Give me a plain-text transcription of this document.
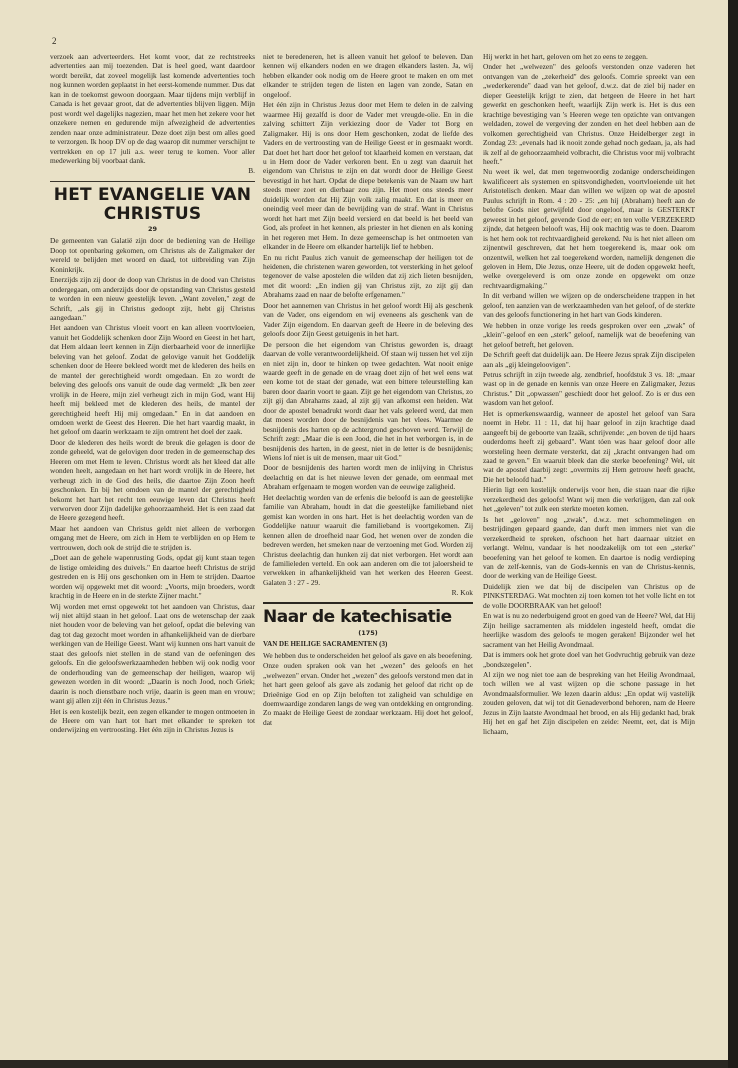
2

verzoek aan adverteerders. Het komt voor, dat ze rechtstreeks advertenties aan mij toezenden. Dat is heel goed, want daardoor wordt bereikt, dat zoveel mogelijk last komende advertenties toch nog kunnen worden geplaatst in het eerst-komende nummer. Dus dat kan in de toekomst gewoon doorgaan. Maar tijdens mijn verblijf in Canada is het gevaar groot, dat de advertenties blijven liggen. Mijn post wordt wel dagelijks nagezien, maar het men het zekere voor het onzekere nemen en gedurende mijn afwezigheid de advertenties zenden naar onze administrateur. Deze doet zijn best om alles goed te verzorgen. Ik hoop DV op de dag waarop dit nummer verschijnt te vertrekken en op 17 juli a.s. weer terug te komen. Voor aller medewerking bij voorbaat dank.

B.

HET EVANGELIE VAN CHRISTUS
29

De gemeenten van Galatië zijn door de bediening van de Heilige Doop tot openbaring gekomen, om Christus als de Zaligmaker der wereld te belijden met woord en daad, tot uitbreiding van Zijn Koninkrijk.

Enerzijds zijn zij door de doop van Christus in de dood van Christus ondergegaan, om anderzijds door de opstanding van Christus gesteld te worden in een nieuw geestelijk leven. „Want zovelen," zegt de Schrift, „als gij in Christus gedoopt zijt, hebt gij Christus aangedaan."

Het aandoen van Christus vloeit voort en kan alleen voortvloeien, vanuit het Goddelijk schenken door Zijn Woord en Geest in het hart, dat Hem aldaan leert kennen in Zijn dierbaarheid voor de innerlijke beleving van het geloof. Zodat de gelovige vanuit het Goddelijk schenken door de Heere bekleed wordt met de klederen des heils en de mantel der gerechtigheid wordt omgedaan. En zo wordt de beleving des geloofs ons vanuit de oude dag vermeld: „Ik ben zeer vrolijk in de Heere, mijn ziel verheugt zich in mijn God, want Hij heeft mij bekleed met de klederen des heils, de mantel der gerechtigheid heeft Hij mij omgedaan." En in dat aandoen en omdoen werkt de Geest des Heeren. Die het hart vaardig maakt, in het geloof om daarin werkzaam te zijn omtrent het doel der zaak.

Door de klederen des heils wordt de breuk die gelagen is door de zonde geheeld, wat de gelovigen door treden in de gemeenschap des Heeren om met Hem te leven. Christus wordt als het kleed dat alle wonden heelt, aangedaan en het hart wordt vrolijk in de Heere, het verheugt zich in de God des heils, die daartoe Zijn Zoon heeft geschonken. En bij het omdoen van de mantel der gerechtigheid bekomt het hart het recht ten eeuwige leven dat Christus heeft verworven door Zijn dadelijke gehoorzaamheid. Het is een zaad dat de Heere gezegend heeft.

Maar het aandoen van Christus geldt niet alleen de verborgen omgang met de Heere, om zich in Hem te verblijden en op Hem te vertrouwen, doch ook de strijd die te strijden is.

„Doet aan de gehele wapenrusting Gods, opdat gij kunt staan tegen de listige omleiding des duivels." En daartoe heeft Christus de strijd gestreden en is Hij ons geschonken om in Hem te strijden. Daartoe worden wij opgewekt met dit woord: „Voorts, mijn broeders, wordt krachtig in de Heere en in de sterkte Zijner macht."

Wij worden met ernst opgewekt tot het aandoen van Christus, daar wij niet altijd staan in het geloof. Laat ons de wetenschap der zaak niet houden voor de beleving van het geloof, opdat die beleving van dag tot dag gezocht moet worden in afhankelijkheid van de dierbare werkingen van de Heilige Geest. Want wij kunnen ons hart vanuit de staat des geloofs niet stellen in de stand van de oefeningen des geloofs. En die geloofswerkzaamheden hebben wij ook nodig voor de onderhouding van de gemeenschap der heiligen, waarop wij gewezen worden in dit woord: „Daarin is noch Jood, noch Griek; daarin is noch dienstbare noch vrije, daarin is geen man en vrouw; want gij allen zijt één in Christus Jezus."

Het is een kostelijk bezit, een zegen elkander te mogen ontmoeten in de Heere om van hart tot hart met elkander te spreken tot onderwijzing en vertroosting. Het één zijn in Christus Jezus is

niet te beredeneren, het is alleen vanuit het geloof te beleven. Dan kennen wij elkanders noden en we dragen elkanders lasten. Ja, wij hebben elkander ook nodig om de Heere groot te maken en om met elkander te strijden tegen de listen en lagen van zonde, Satan en ongeloof.

Het één zijn in Christus Jezus door met Hem te delen in de zalving waarmee Hij gezalfd is door de Vader met vreugde-olie. En in die zalving schittert Zijn verkiezing door de Vader tot Borg en Zaligmaker. Hij is ons door Hem geschonken, zodat de liefde des Vaders en de vertroosting van de Heilige Geest er in gesmaakt wordt. Dat doet het hart door het geloof tot klaarheid komen en verstaan, dat u in Hem door de Vader verkoren bent. En u zegt van daaruit het eigendom van Christus te zijn en dat wordt door de Heilige Geest bevestigd in het hart. Opdat de diepe betekenis van de Naam uw hart steeds meer zoet en dierbaar zou zijn. Het moet ons steeds meer duidelijk worden dat Hij Zijn volk zalig maakt. En dat is meer en oneindig veel meer dan de bevrijding van de straf. Want in Christus wordt het hart met Zijn beeld versierd en dat beeld is het beeld van God, als profeet in het kennen, als priester in het dienen en als koning in het regeren met Hem. In deze gemeenschap is het ontmoeten van elkander in de Heere om elkander hartelijk lief te hebben.

En nu richt Paulus zich vanuit de gemeenschap der heiligen tot de heidenen, die christenen waren geworden, tot versterking in het geloof tegenover de valse apostelen die wilden dat zij zich lieten besnijden, met dit woord: „En indien gij van Christus zijt, zo zijt gij dan Abrahams zaad en naar de belofte erfgenamen."

Door het aannemen van Christus in het geloof wordt Hij als geschenk van de Vader, ons eigendom en wij eveneens als geschenk van de Vader Zijn eigendom. En daarvan geeft de Heere in de beleving des geloofs door Zijn Geest getuigenis in het hart.

De persoon die het eigendom van Christus geworden is, draagt daarvan de volle verantwoordelijkheid. Of staan wij tussen het vel zijn en niet zijn in, door te hinken op twee gedachten. Wat nooit enige waarde geeft in de genade en de vraag doet zijn of het wel eens wat een kome tot de staat der genade, wat een bittere teleurstelling kan baren door daarin voort te gaan. Zijt ge het eigendom van Christus, zo zijt gij dan Abrahams zaad, al zijt gij van afkomst een heiden. Wat door de apostel benadrukt wordt daar het vals geleerd werd, dat men dat moest worden door de besnijdenis van het vlees. Waarmee de besnijdenis des harten op de achtergrond geschoven werd. Terwijl de Schrift zegt: „Maar die is een Jood, die het in het verborgen is, in de besnijdenis des harten, in de geest, niet in de letter is de besnijdenis; Wiens lof niet is uit de mensen, maar uit God."

Door de besnijdenis des harten wordt men de inlijving in Christus deelachtig en dat is het nieuwe leven der genade, om eenmaal met Abraham erfgenaam te mogen worden van de eeuwige zaligheid.

Het deelachtig worden van de erfenis die beloofd is aan de geestelijke familie van Abraham, houdt in dat die geestelijke familieband niet gemist kan worden in ons hart. Het is het deelachtig worden van de Goddelijke natuur waaruit die familieband is voortgekomen. Zij kennen allen de droefheid naar God, het wenen over de zonden die bedreven werden, het smeken naar de verzoening met God. Worden zij Christus deelachtig dan hunken zij dat niet verborgen. Het wordt aan de familieleden verteld. En ook aan anderen om die tot jaloersheid te verwekken in afhankelijkheid van het werken des Heeren Geest. Galaten 3 : 27 - 29.

R. Kok

Naar de katechisatie
(175)
VAN DE HEILIGE SACRAMENTEN (3)

We hebben dus te onderscheiden het geloof als gave en als beoefening.

Onze ouden spraken ook van het „wezen" des geloofs en het „welwezen" ervan. Onder het „wezen" des geloofs verstond men dat in het hart geen geloof als gave als zodanig het geloof dat richt op de Drieënige God en op Zijn beloften tot zaligheid van schuldige en doemwaardige zondaren langs de weg van ontdekking en ontgronding. Zo maakt de Heilige Geest de zondaar werkzaam. Hij doet het geloof, dat

Hij werkt in het hart, geloven om het zo eens te zeggen.

Onder het „welwezen" des geloofs verstonden onze vaderen het ontvangen van de „zekerheid" des geloofs. Comrie spreekt van een „wederkerende" daad van het geloof, d.w.z. dat de ziel bij nader en dieper Geestelijk krijgt te zien, dat hetgeen de Heere in het hart gewerkt en geschonken heeft, waarlijk Zijn werk is. Het is dus een krachtige bevestiging van 's Heeren wege ten opzichte van ontvangen weldaden, zowel de vergeving der zonden en het deel hebben aan de volkomen gerechtigheid van Christus. Onze Heidelberger zegt in Zondag 23: „evenals had ik nooit zonde gehad noch gedaan, ja, als had ik zelf al de gehoorzaamheid volbracht, die Christus voor mij volbracht heeft."

Nu weet ik wel, dat men tegenwoordig zodanige onderscheidingen kwalificeert als systemen en spitsvondigheden, voortvloeiende uit het Aristotelisch denken. Maar dan willen we wijzen op wat de apostel Paulus schrijft in Rom. 4 : 20 - 25: „en hij (Abraham) heeft aan de belofte Gods niet getwijfeld door ongeloof, maar is GESTERKT geweest in het geloof, gevende God de eer; en ten volle VERZEKERD zijnde, dat hetgeen belooft was, Hij ook machtig was te doen. Daarom is het hem ook tot rechtvaardigheid gerekend. Nu is het niet alleen om zijnentwil geschreven, dat het hem toegerekend is, maar ook om onzentwil, welken het zal toegerekend worden, namelijk dengenen die geloven in Hem, Die Jezus, onze Heere, uit de doden opgewekt heeft, welke overgeleverd is om onze zonde en opgewekt om onze rechtvaardigmaking."

In dit verband willen we wijzen op de onderscheidene trappen in het geloof, ten aanzien van de werkzaamheden van het geloof, of de sterkte van des geloofs functionering in het hart van Gods kinderen.

We hebben in onze vorige les reeds gesproken over een „zwak" of „klein"-geloof en een „sterk" geloof, namelijk wat de beoefening van het geloof betreft, het geloven.

De Schrift geeft dat duidelijk aan. De Heere Jezus sprak Zijn discipelen aan als „gij kleingeloovigen".

Petrus schrijft in zijn tweede alg. zendbrief, hoofdstuk 3 vs. 18: „maar wast op in de genade en kennis van onze Heere en Zaligmaker, Jezus Christus." Dit „opwassen" geschiedt door het geloof. Zo is er dus een wasdom van het geloof.

Het is opmerkenswaardig, wanneer de apostel het geloof van Sara noemt in Hebr. 11 : 11, dat hij haar geloof in zijn krachtige daad aangeeft bij de geboorte van Izaäk, schrijvende: „en boven de tijd haars ouderdoms heeft zij gebaard". Want tóen was haar geloof door alle worsteling heen dermate versterkt, dat zij „kracht ontvangen had om zaad te geven." En waaruit bleek dan die sterke beoefening? Wel, uit wat de apostel daarbij zegt: „overmits zij Hem getrouw heeft geacht, Die het beloofd had."

Hierin ligt een kostelijk onderwijs voor hen, die staan naar die rijke verzekerdheid des geloofs! Want wij men die verkrijgen, dan zal ook het „geleven" tot zulk een sterkte moeten komen.

Is het „geloven" nog „zwak", d.w.z. met schommelingen en bestrijdingen gepaard gaande, dan durft men immers niet van die verzekerdheid te spreken, ofschoon het hart daarnaar uitziet en verlangt. Welnu, vandaar is het noodzakelijk om tot een „sterke" beoefening van het geloof te komen. En daartoe is nodig verdieping van de zelf-kennis, van de Gods-kennis en van de Christus-kennis, door de werking van de Heilige Geest.

Duidelijk zien we dat bij de discipelen van Christus op de PINKSTERDAG. Wat mochten zij toen komen tot het volle licht en tot de volle DOORBRAAK van het geloof!

En wat is nu zo nederbuigend groot en goed van de Heere? Wel, dat Hij Zijn heilige sacramenten als middelen ingesteld heeft, omdat die heerlijke wasdom des geloofs te mogen geraken! Bijzonder wel het sacrament van het Heilig Avondmaal.

Dat is immers ook het grote doel van het Godvruchtig gebruik van deze „bondszegelen".

Al zijn we nog niet toe aan de bespreking van het Heilig Avondmaal, toch willen we al vast wijzen op die schone passage in het Avondmaalsformulier. We lezen daarin aldus: „En opdat wij vastelijk zouden geloven, dat wij tot dit Genadeverbond behoren, nam de Heere Jezus in Zijn laatste Avondmaal het brood, en als Hij gedankt had, brak Hij het en gaf het Zijn discipelen en zeide: Neemt, eet, dat is Mijn lichaam,
